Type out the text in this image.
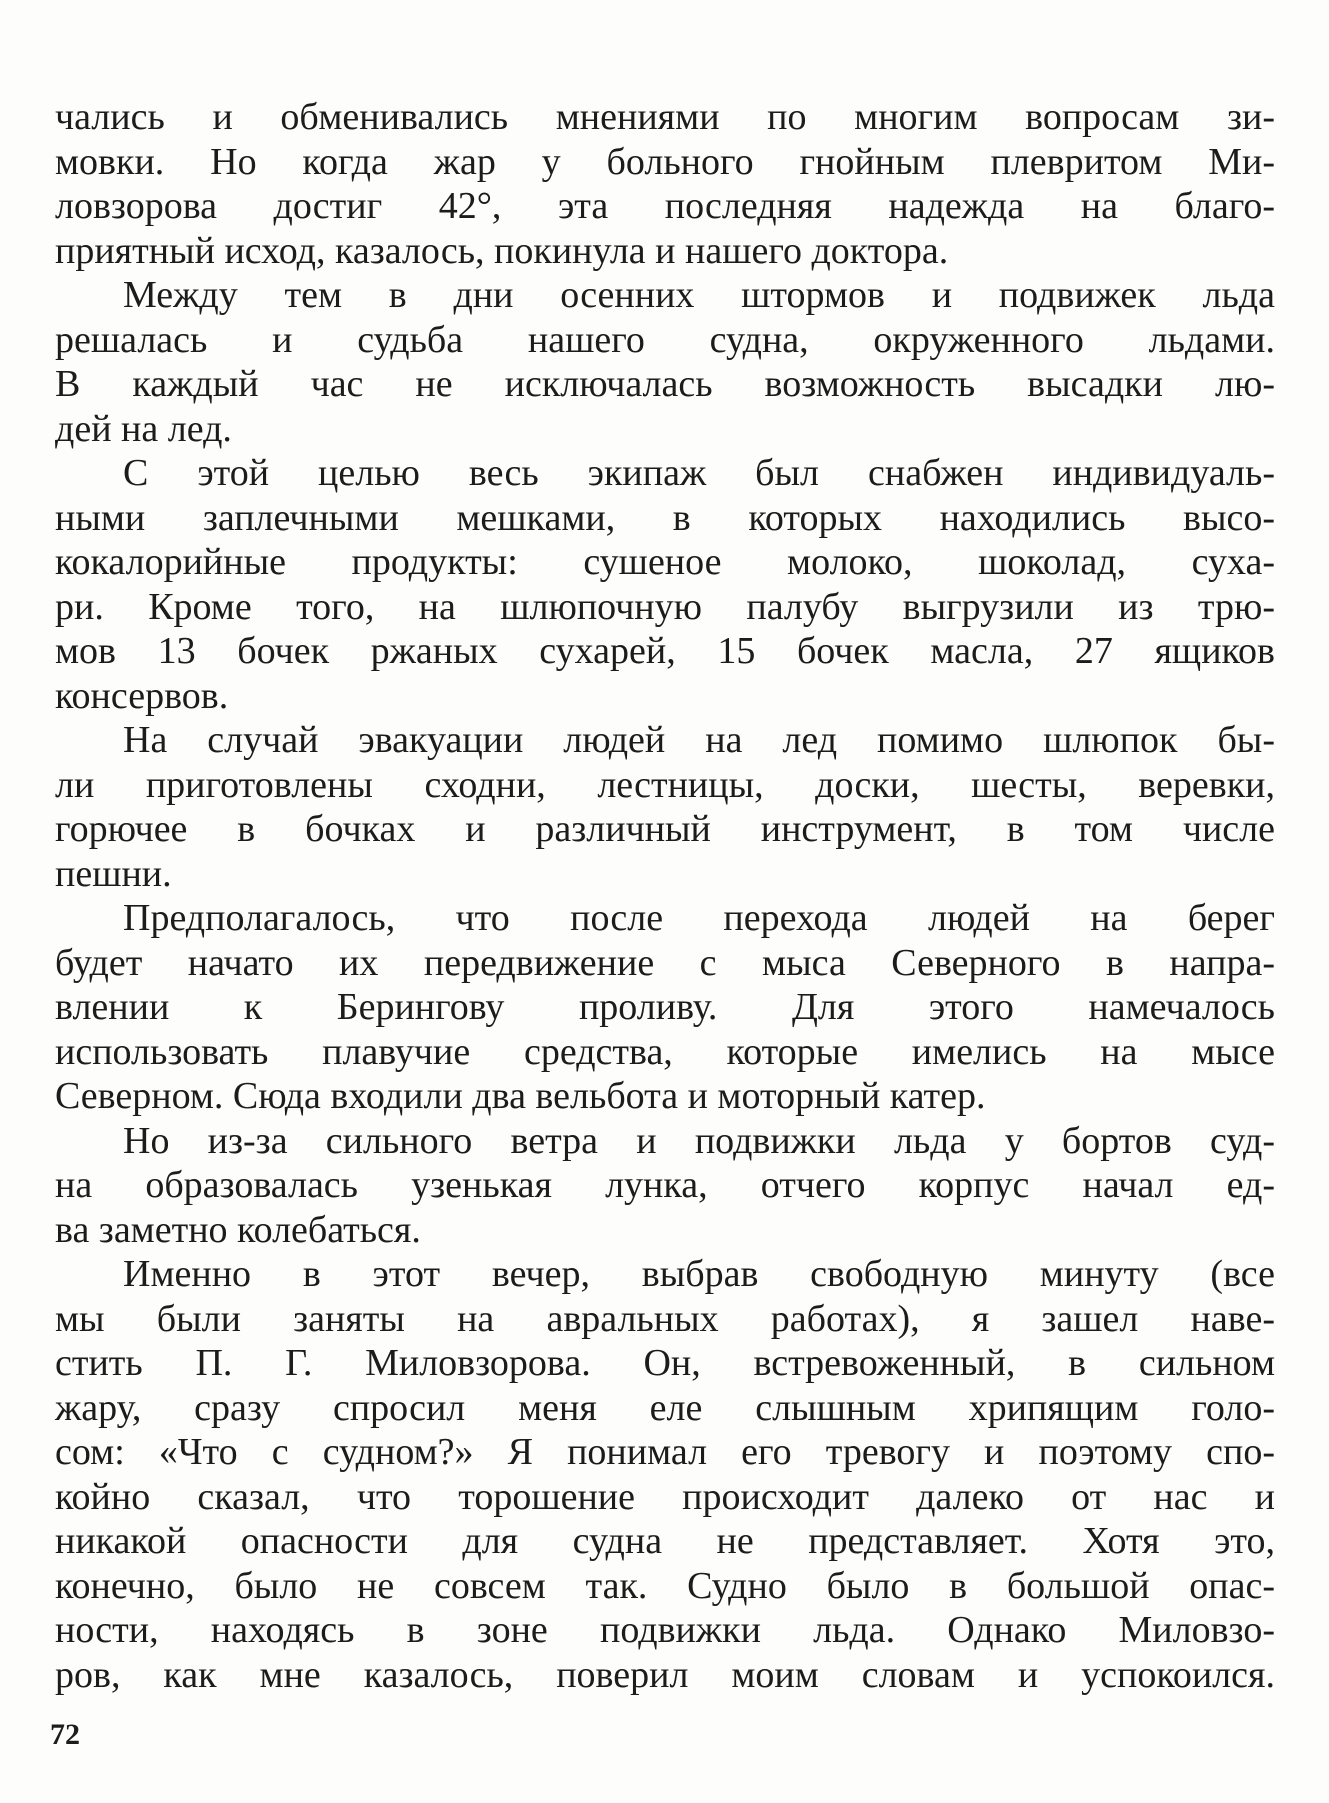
чались и обменивались мнениями по многим вопросам зи-
мовки. Но когда жар у больного гнойным плевритом Ми-
ловзорова достиг 42°, эта последняя надежда на благо-
приятный исход, казалось, покинула и нашего доктора.
Между тем в дни осенних штормов и подвижек льда
решалась и судьба нашего судна, окруженного льдами.
В каждый час не исключалась возможность высадки лю-
дей на лед.
С этой целью весь экипаж был снабжен индивидуаль-
ными заплечными мешками, в которых находились высо-
кокалорийные продукты: сушеное молоко, шоколад, суха-
ри. Кроме того, на шлюпочную палубу выгрузили из трю-
мов 13 бочек ржаных сухарей, 15 бочек масла, 27 ящиков
консервов.
На случай эвакуации людей на лед помимо шлюпок бы-
ли приготовлены сходни, лестницы, доски, шесты, веревки,
горючее в бочках и различный инструмент, в том числе
пешни.
Предполагалось, что после перехода людей на берег
будет начато их передвижение с мыса Северного в напра-
влении к Берингову проливу. Для этого намечалось
использовать плавучие средства, которые имелись на мысе
Северном. Сюда входили два вельбота и моторный катер.
Но из-за сильного ветра и подвижки льда у бортов суд-
на образовалась узенькая лунка, отчего корпус начал ед-
ва заметно колебаться.
Именно в этот вечер, выбрав свободную минуту (все
мы были заняты на авральных работах), я зашел наве-
стить П. Г. Миловзорова. Он, встревоженный, в сильном
жару, сразу спросил меня еле слышным хрипящим голо-
сом: «Что с судном?» Я понимал его тревогу и поэтому спо-
койно сказал, что торошение происходит далеко от нас и
никакой опасности для судна не представляет. Хотя это,
конечно, было не совсем так. Судно было в большой опас-
ности, находясь в зоне подвижки льда. Однако Миловзо-
ров, как мне казалось, поверил моим словам и успокоился.
72
